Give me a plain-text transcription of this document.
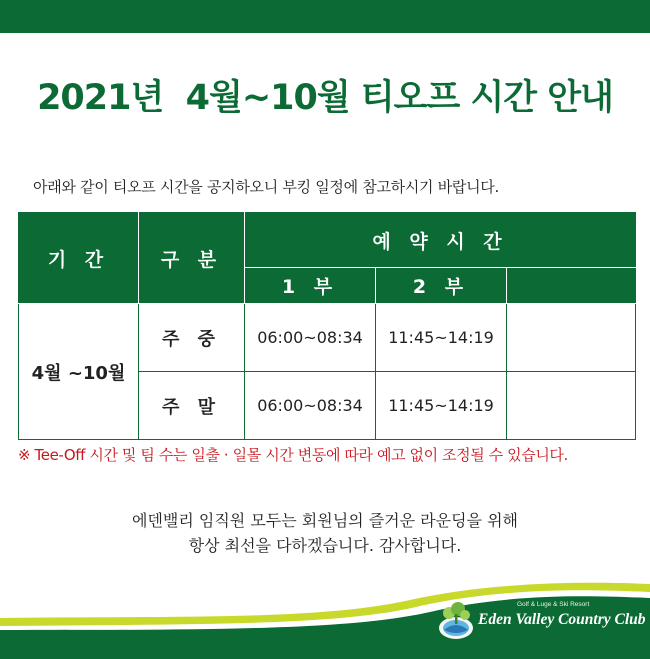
2021년  4월~10월 티오프 시간 안내
아래와 같이 티오프 시간을 공지하오니 부킹 일정에 참고하시기 바랍니다.
기 간	구 분	예 약 시 간		
		1 부	2 부	
4월 ~10월	주 중	06:00~08:34	11:45~14:19	
	주 말	06:00~08:34	11:45~14:19	
※ Tee-Off 시간 및 팀 수는 일출 · 일몰 시간 변동에 따라 예고 없이 조정될 수 있습니다.
에덴밸리 임직원 모두는 회원님의 즐거운 라운딩을 위해
항상 최선을 다하겠습니다. 감사합니다.
Golf & Luge & Ski Resort
Eden Valley Country Club
